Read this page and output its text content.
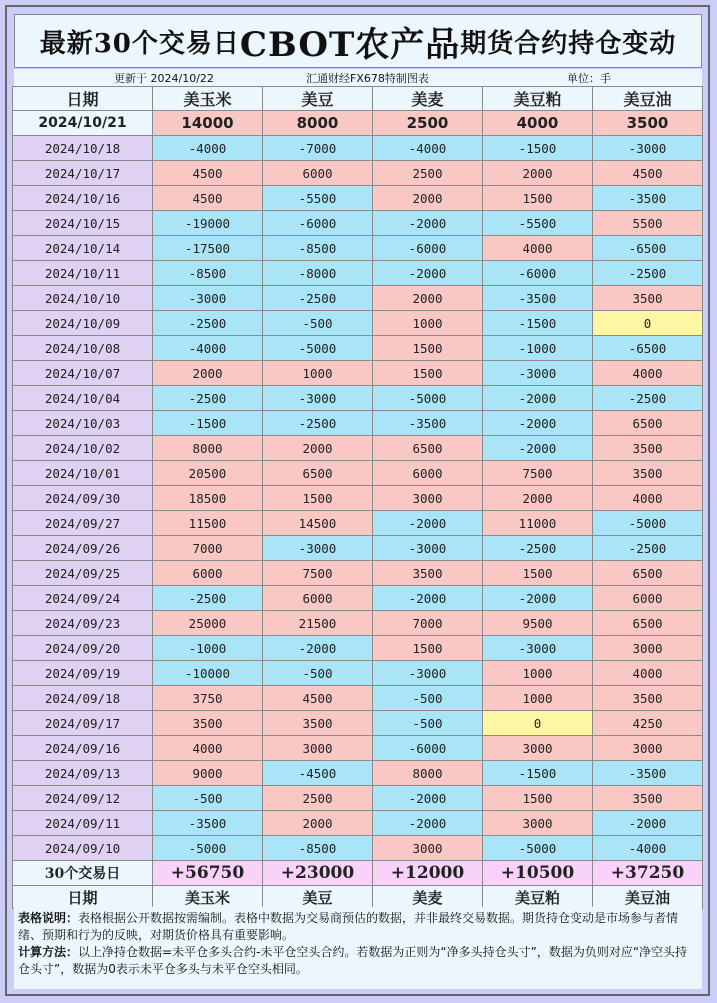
最新30个交易日 CBOT农产品 期货合约持仓变动
更新于 2024/10/22	汇通财经FX678特制图表	单位：手
日期	美玉米	美豆	美麦	美豆粕	美豆油
2024/10/21	14000	8000	2500	4000	3500
2024/10/18	-4000	-7000	-4000	-1500	-3000
2024/10/17	4500	6000	2500	2000	4500
2024/10/16	4500	-5500	2000	1500	-3500
2024/10/15	-19000	-6000	-2000	-5500	5500
2024/10/14	-17500	-8500	-6000	4000	-6500
2024/10/11	-8500	-8000	-2000	-6000	-2500
2024/10/10	-3000	-2500	2000	-3500	3500
2024/10/09	-2500	-500	1000	-1500	0
2024/10/08	-4000	-5000	1500	-1000	-6500
2024/10/07	2000	1000	1500	-3000	4000
2024/10/04	-2500	-3000	-5000	-2000	-2500
2024/10/03	-1500	-2500	-3500	-2000	6500
2024/10/02	8000	2000	6500	-2000	3500
2024/10/01	20500	6500	6000	7500	3500
2024/09/30	18500	1500	3000	2000	4000
2024/09/27	11500	14500	-2000	11000	-5000
2024/09/26	7000	-3000	-3000	-2500	-2500
2024/09/25	6000	7500	3500	1500	6500
2024/09/24	-2500	6000	-2000	-2000	6000
2024/09/23	25000	21500	7000	9500	6500
2024/09/20	-1000	-2000	1500	-3000	3000
2024/09/19	-10000	-500	-3000	1000	4000
2024/09/18	3750	4500	-500	1000	3500
2024/09/17	3500	3500	-500	0	4250
2024/09/16	4000	3000	-6000	3000	3000
2024/09/13	9000	-4500	8000	-1500	-3500
2024/09/12	-500	2500	-2000	1500	3500
2024/09/11	-3500	2000	-2000	3000	-2000
2024/09/10	-5000	-8500	3000	-5000	-4000
30个交易日	+56750	+23000	+12000	+10500	+37250
日期	美玉米	美豆	美麦	美豆粕	美豆油

表格说明：表格根据公开数据按需编制。表格中数据为交易商预估的数据，并非最终交易数据。期货持仓变动是市场参与者情绪、预期和行为的反映，对期货价格具有重要影响。

计算方法：以上净持仓数据=未平仓多头合约-未平仓空头合约。若数据为正则为“净多头持仓头寸”，数据为负则对应“净空头持仓头寸”，数据为0表示未平仓多头与未平仓空头相同。
